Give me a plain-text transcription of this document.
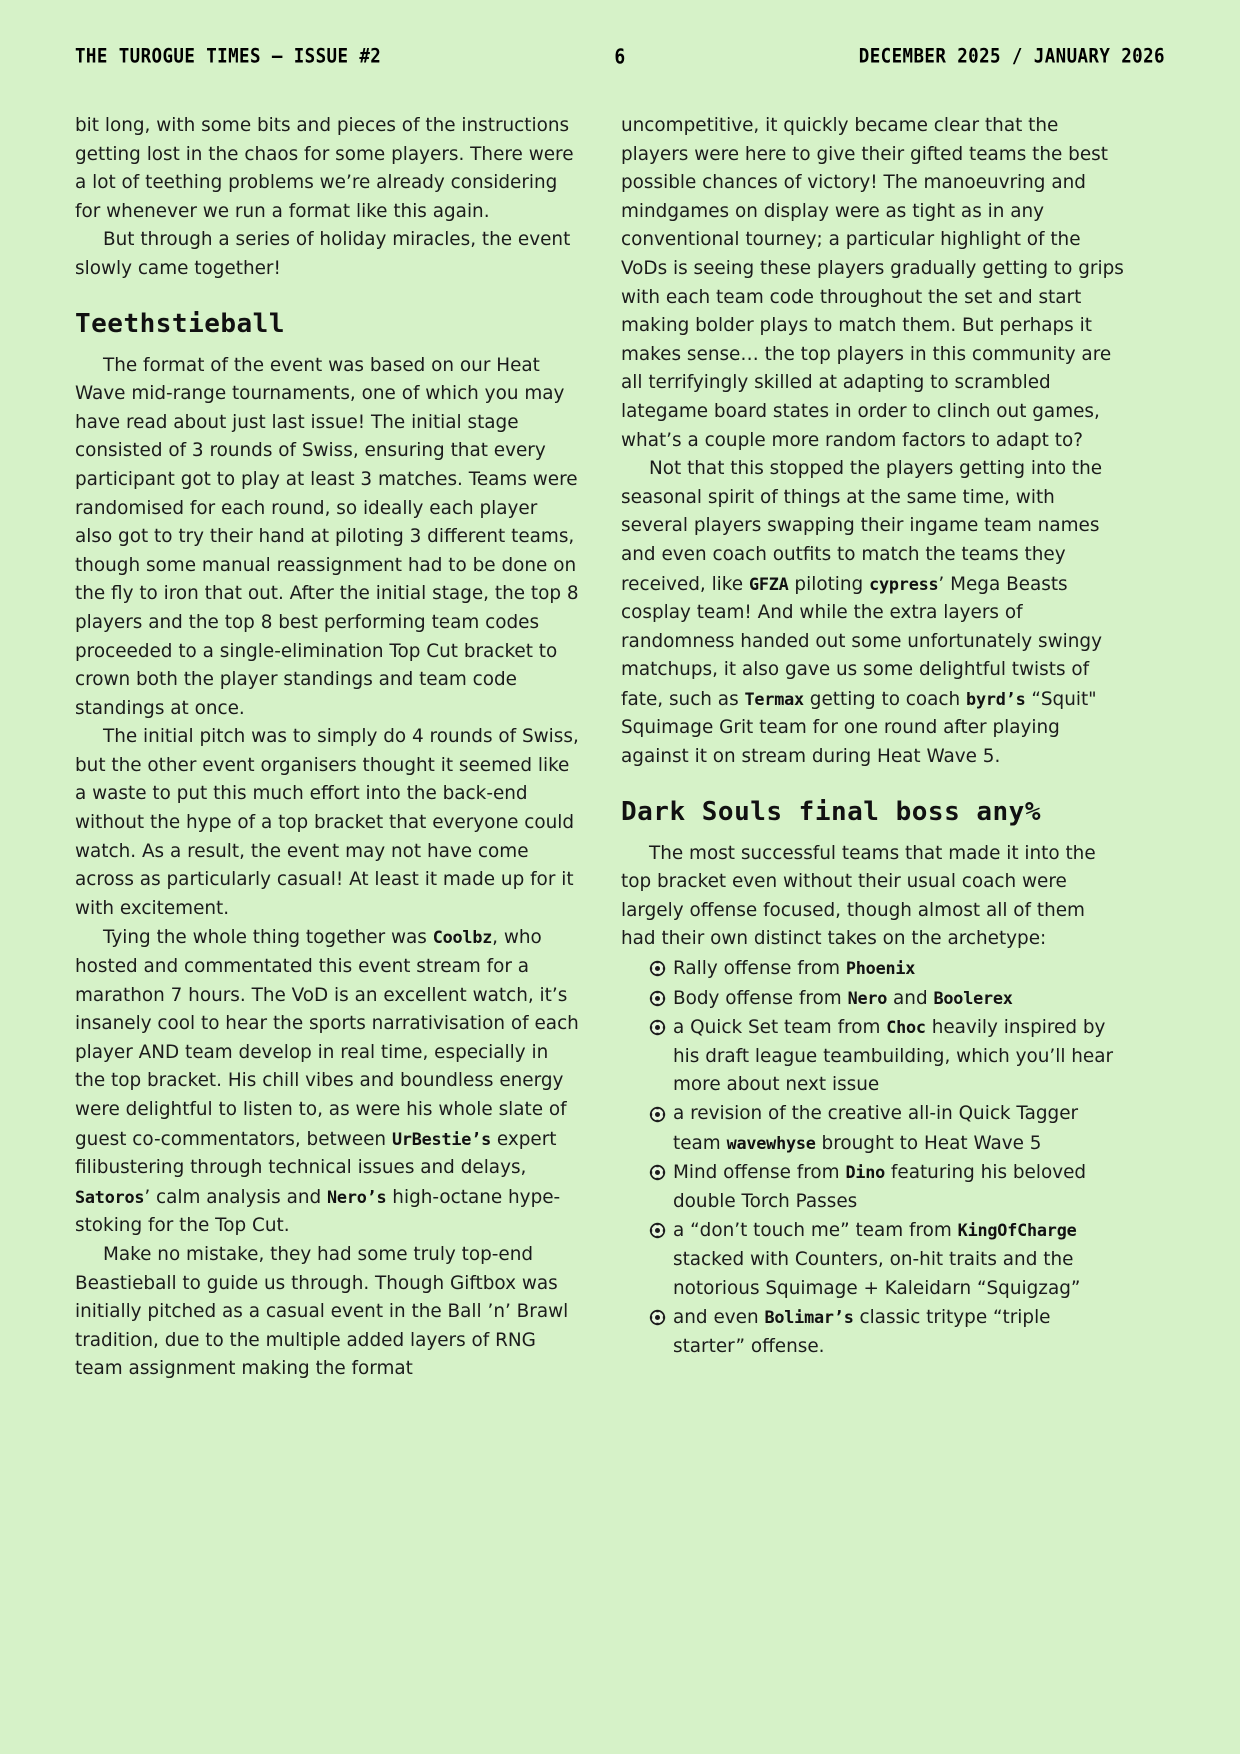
THE TUROGUE TIMES — ISSUE #2	6	DECEMBER 2025 / JANUARY 2026

bit long, with some bits and pieces of the instructions getting lost in the chaos for some players. There were a lot of teething problems we’re already considering for whenever we run a format like this again.

But through a series of holiday miracles, the event slowly came together!

Teethstieball

The format of the event was based on our Heat Wave mid-range tournaments, one of which you may have read about just last issue! The initial stage consisted of 3 rounds of Swiss, ensuring that every participant got to play at least 3 matches. Teams were randomised for each round, so ideally each player also got to try their hand at piloting 3 different teams, though some manual reassignment had to be done on the fly to iron that out. After the initial stage, the top 8 players and the top 8 best performing team codes proceeded to a single-elimination Top Cut bracket to crown both the player standings and team code standings at once.

The initial pitch was to simply do 4 rounds of Swiss, but the other event organisers thought it seemed like a waste to put this much effort into the back-end without the hype of a top bracket that everyone could watch. As a result, the event may not have come across as particularly casual! At least it made up for it with excitement.

Tying the whole thing together was Coolbz, who hosted and commentated this event stream for a marathon 7 hours. The VoD is an excellent watch, it’s insanely cool to hear the sports narrativisation of each player AND team develop in real time, especially in the top bracket. His chill vibes and boundless energy were delightful to listen to, as were his whole slate of guest co-commentators, between UrBestie’s expert filibustering through technical issues and delays, Satoros’ calm analysis and Nero’s high-octane hype-stoking for the Top Cut.

Make no mistake, they had some truly top-end Beastieball to guide us through. Though Giftbox was initially pitched as a casual event in the Ball ’n’ Brawl tradition, due to the multiple added layers of RNG team assignment making the format

uncompetitive, it quickly became clear that the players were here to give their gifted teams the best possible chances of victory! The manoeuvring and mindgames on display were as tight as in any conventional tourney; a particular highlight of the VoDs is seeing these players gradually getting to grips with each team code throughout the set and start making bolder plays to match them. But perhaps it makes sense… the top players in this community are all terrifyingly skilled at adapting to scrambled lategame board states in order to clinch out games, what’s a couple more random factors to adapt to?

Not that this stopped the players getting into the seasonal spirit of things at the same time, with several players swapping their ingame team names and even coach outfits to match the teams they received, like GFZA piloting cypress’ Mega Beasts cosplay team! And while the extra layers of randomness handed out some unfortunately swingy matchups, it also gave us some delightful twists of fate, such as Termax getting to coach byrd’s “Squit" Squimage Grit team for one round after playing against it on stream during Heat Wave 5.

Dark Souls final boss any%

The most successful teams that made it into the top bracket even without their usual coach were largely offense focused, though almost all of them had their own distinct takes on the archetype:

Rally offense from Phoenix
Body offense from Nero and Boolerex
a Quick Set team from Choc heavily inspired by his draft league teambuilding, which you’ll hear more about next issue
a revision of the creative all-in Quick Tagger team wavewhyse brought to Heat Wave 5
Mind offense from Dino featuring his beloved double Torch Passes
a “don’t touch me” team from KingOfCharge stacked with Counters, on-hit traits and the notorious Squimage + Kaleidarn “Squigzag”
and even Bolimar’s classic tritype “triple starter” offense.
